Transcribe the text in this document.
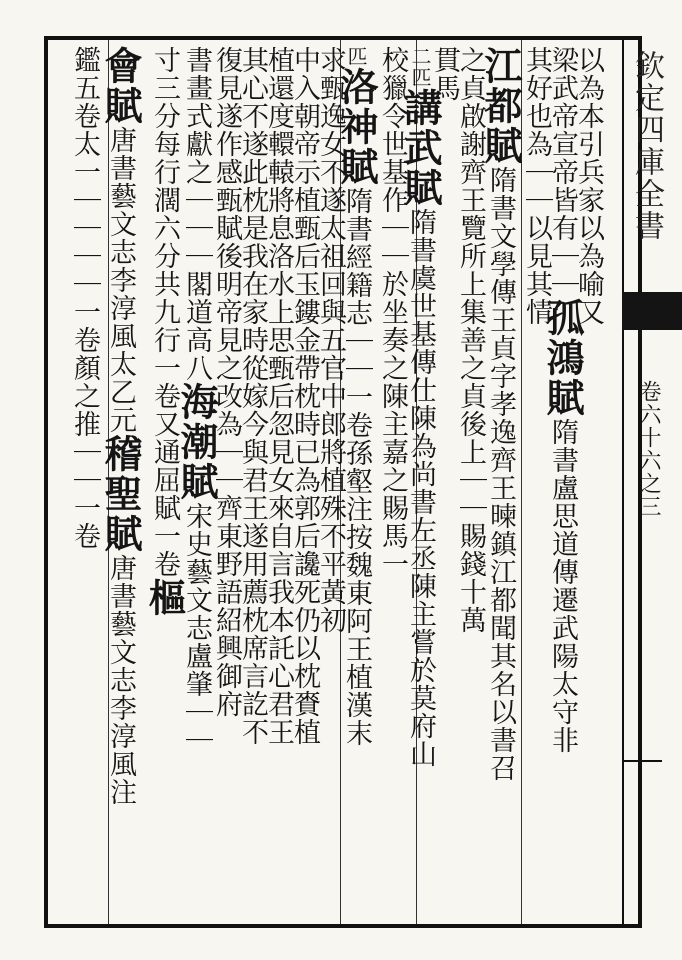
欽定四庫全書
卷六十六之三
以為本引兵家以為喻又
梁武帝宣帝皆有｜｜孤鴻賦隋書盧思道傳遷武陽太守非
其好也為｜｜以見其情
江都賦隋書文學傳王貞字孝逸齊王暕鎮江都聞其名以書召
之貞啟謝齊王覽所上集善之貞後上｜｜賜錢十萬
貫馬
二匹講武賦隋書虞世基傳仕陳為尚書左丞陳主嘗於莫府山
校獵令世基作｜｜於坐奏之陳主嘉之賜馬一
匹洛神賦隋書經籍志｜｜一卷孫壑注按魏東阿王植漢末
求甄逸女不遂太祖回與五官中郎將植殊不平黃初
中入朝帝示植甄后玉鏤金帶枕時已為郭后讒死仍以枕賚植
植還度轘轅將息洛水上思甄后忽見女來自言我本託心君王
其心不遂此枕是我在家時從嫁今與君王遂用薦枕席言訖不
復見遂作感甄賦後明帝見之改為｜｜齊東野語紹興御府
書畫式獻之｜｜｜閣道高八海潮賦宋史藝文志盧肇｜｜
寸三分每行濶六分共九行一卷又通屈賦一卷樞
會賦唐書藝文志李淳風太乙元稽聖賦唐書藝文志李淳風注
鑑五卷太一｜｜｜｜一卷顏之推｜｜一卷
